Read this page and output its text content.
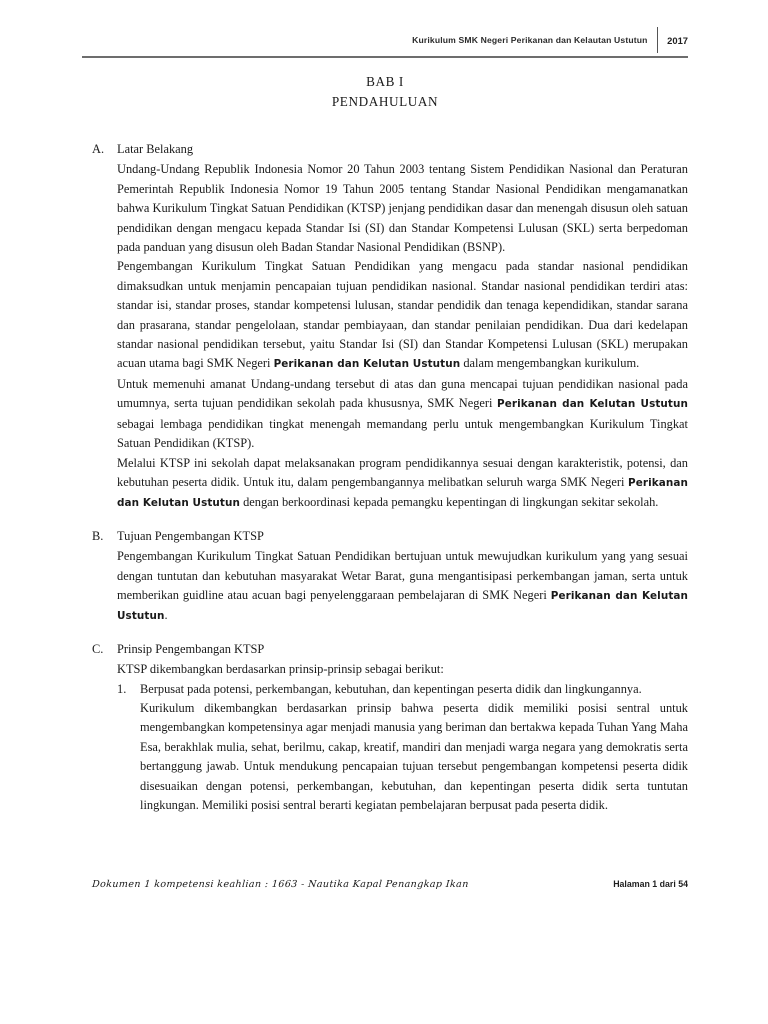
Kurikulum SMK Negeri Perikanan dan Kelautan Ustutun	2017
BAB I
PENDAHULUAN
A.	Latar Belakang

Undang-Undang Republik Indonesia Nomor 20 Tahun 2003 tentang Sistem Pendidikan Nasional dan Peraturan Pemerintah Republik Indonesia Nomor 19 Tahun 2005 tentang Standar Nasional Pendidikan mengamanatkan bahwa Kurikulum Tingkat Satuan Pendidikan (KTSP) jenjang pendidikan dasar dan menengah disusun oleh satuan pendidikan dengan mengacu kepada Standar Isi (SI) dan Standar Kompetensi Lulusan (SKL) serta berpedoman pada panduan yang disusun oleh Badan Standar Nasional Pendidikan (BSNP).

Pengembangan Kurikulum Tingkat Satuan Pendidikan yang mengacu pada standar nasional pendidikan dimaksudkan untuk menjamin pencapaian tujuan pendidikan nasional. Standar nasional pendidikan terdiri atas: standar isi, standar proses, standar kompetensi lulusan, standar pendidik dan tenaga kependidikan, standar sarana dan prasarana, standar pengelolaan, standar pembiayaan, dan standar penilaian pendidikan. Dua dari kedelapan standar nasional pendidikan tersebut, yaitu Standar Isi (SI) dan Standar Kompetensi Lulusan (SKL) merupakan acuan utama bagi SMK Negeri Perikanan dan Kelutan Ustutun dalam mengembangkan kurikulum.

Untuk memenuhi amanat Undang-undang tersebut di atas dan guna mencapai tujuan pendidikan nasional pada umumnya, serta tujuan pendidikan sekolah pada khususnya, SMK Negeri Perikanan dan Kelutan Ustutun sebagai lembaga pendidikan tingkat menengah memandang perlu untuk mengembangkan Kurikulum Tingkat Satuan Pendidikan (KTSP).

Melalui KTSP ini sekolah dapat melaksanakan program pendidikannya sesuai dengan karakteristik, potensi, dan kebutuhan peserta didik. Untuk itu, dalam pengembangannya melibatkan seluruh warga SMK Negeri Perikanan dan Kelutan Ustutun dengan berkoordinasi kepada pemangku kepentingan di lingkungan sekitar sekolah.

B.	Tujuan Pengembangan KTSP

Pengembangan Kurikulum Tingkat Satuan Pendidikan bertujuan untuk mewujudkan kurikulum yang yang sesuai dengan tuntutan dan kebutuhan masyarakat Wetar Barat, guna mengantisipasi perkembangan jaman, serta untuk memberikan guidline atau acuan bagi penyelenggaraan pembelajaran di SMK Negeri Perikanan dan Kelutan Ustutun.

C.	Prinsip Pengembangan KTSP

KTSP dikembangkan berdasarkan prinsip-prinsip sebagai berikut:

1.	Berpusat pada potensi, perkembangan, kebutuhan, dan kepentingan peserta didik dan lingkungannya.

Kurikulum dikembangkan berdasarkan prinsip bahwa peserta didik memiliki posisi sentral untuk mengembangkan kompetensinya agar menjadi manusia yang beriman dan bertakwa kepada Tuhan Yang Maha Esa, berakhlak mulia, sehat, berilmu, cakap, kreatif, mandiri dan menjadi warga negara yang demokratis serta bertanggung jawab. Untuk mendukung pencapaian tujuan tersebut pengembangan kompetensi peserta didik disesuaikan dengan potensi, perkembangan, kebutuhan, dan kepentingan peserta didik serta tuntutan lingkungan. Memiliki posisi sentral berarti kegiatan pembelajaran berpusat pada peserta didik.

Dokumen 1 kompetensi keahlian : 1663 - Nautika Kapal Penangkap Ikan	Halaman 1 dari 54
